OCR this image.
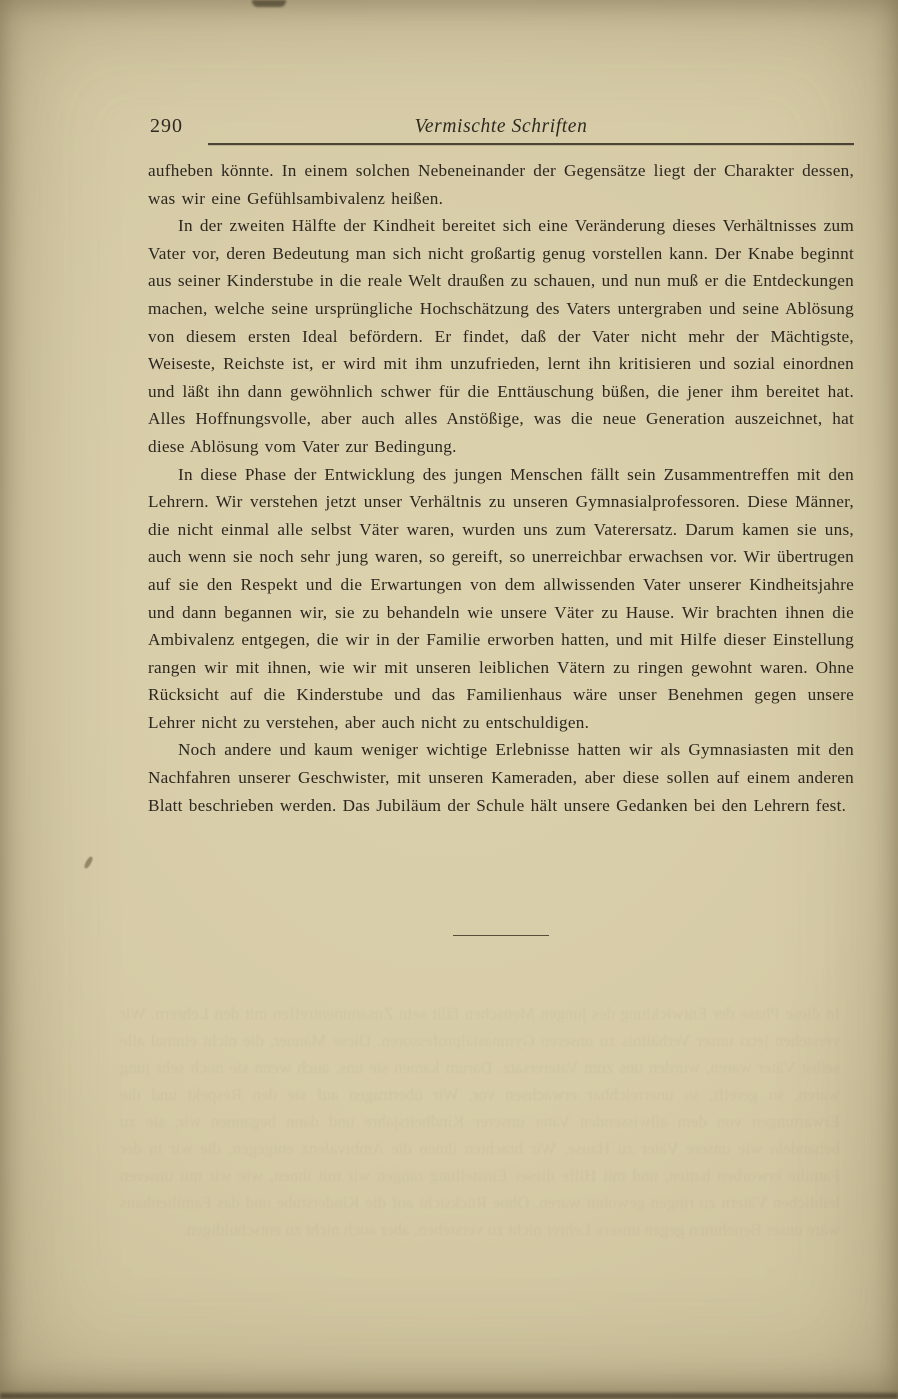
290	Vermischte Schriften

aufheben könnte. In einem solchen Nebeneinander der Gegensätze liegt der Charakter dessen, was wir eine Gefühlsambivalenz heißen.

In der zweiten Hälfte der Kindheit bereitet sich eine Veränderung dieses Verhältnisses zum Vater vor, deren Bedeutung man sich nicht großartig genug vorstellen kann. Der Knabe beginnt aus seiner Kinderstube in die reale Welt draußen zu schauen, und nun muß er die Entdeckungen machen, welche seine ursprüngliche Hochschätzung des Vaters untergraben und seine Ablösung von diesem ersten Ideal befördern. Er findet, daß der Vater nicht mehr der Mächtigste, Weiseste, Reichste ist, er wird mit ihm unzufrieden, lernt ihn kritisieren und sozial einordnen und läßt ihn dann gewöhnlich schwer für die Enttäuschung büßen, die jener ihm bereitet hat. Alles Hoffnungsvolle, aber auch alles Anstößige, was die neue Generation auszeichnet, hat diese Ablösung vom Vater zur Bedingung.

In diese Phase der Entwicklung des jungen Menschen fällt sein Zusammentreffen mit den Lehrern. Wir verstehen jetzt unser Verhältnis zu unseren Gymnasialprofessoren. Diese Männer, die nicht einmal alle selbst Väter waren, wurden uns zum Vaterersatz. Darum kamen sie uns, auch wenn sie noch sehr jung waren, so gereift, so unerreichbar erwachsen vor. Wir übertrugen auf sie den Respekt und die Erwartungen von dem allwissenden Vater unserer Kindheitsjahre und dann begannen wir, sie zu behandeln wie unsere Väter zu Hause. Wir brachten ihnen die Ambivalenz entgegen, die wir in der Familie erworben hatten, und mit Hilfe dieser Einstellung rangen wir mit ihnen, wie wir mit unseren leiblichen Vätern zu ringen gewohnt waren. Ohne Rücksicht auf die Kinderstube und das Familienhaus wäre unser Benehmen gegen unsere Lehrer nicht zu verstehen, aber auch nicht zu entschuldigen.

Noch andere und kaum weniger wichtige Erlebnisse hatten wir als Gymnasiasten mit den Nachfahren unserer Geschwister, mit unseren Kameraden, aber diese sollen auf einem anderen Blatt beschrieben werden. Das Jubiläum der Schule hält unsere Gedanken bei den Lehrern fest.

In diese Phase der Entwicklung des jungen Menschen fällt sein Zusammentreffen mit den Lehrern. Wir verstehen jetzt unser Verhältnis zu unseren Gymnasialprofessoren. Diese Männer, die nicht einmal alle selbst Väter waren, wurden uns zum Vaterersatz. Darum kamen sie uns, auch wenn sie noch sehr jung waren, so gereift, so unerreichbar erwachsen vor. Wir übertrugen auf sie den Respekt und die Erwartungen von dem allwissenden Vater unserer Kindheitsjahre und dann begannen wir, sie zu behandeln wie unsere Väter zu Hause. Wir brachten ihnen die Ambivalenz entgegen, die wir in der Familie erworben hatten, und mit Hilfe dieser Einstellung rangen wir mit ihnen, wie wir mit unseren leiblichen Vätern zu ringen gewohnt waren. Ohne Rücksicht auf die Kinderstube und das Familienhaus wäre unser Benehmen gegen unsere Lehrer nicht zu verstehen, aber auch nicht zu entschuldigen.
